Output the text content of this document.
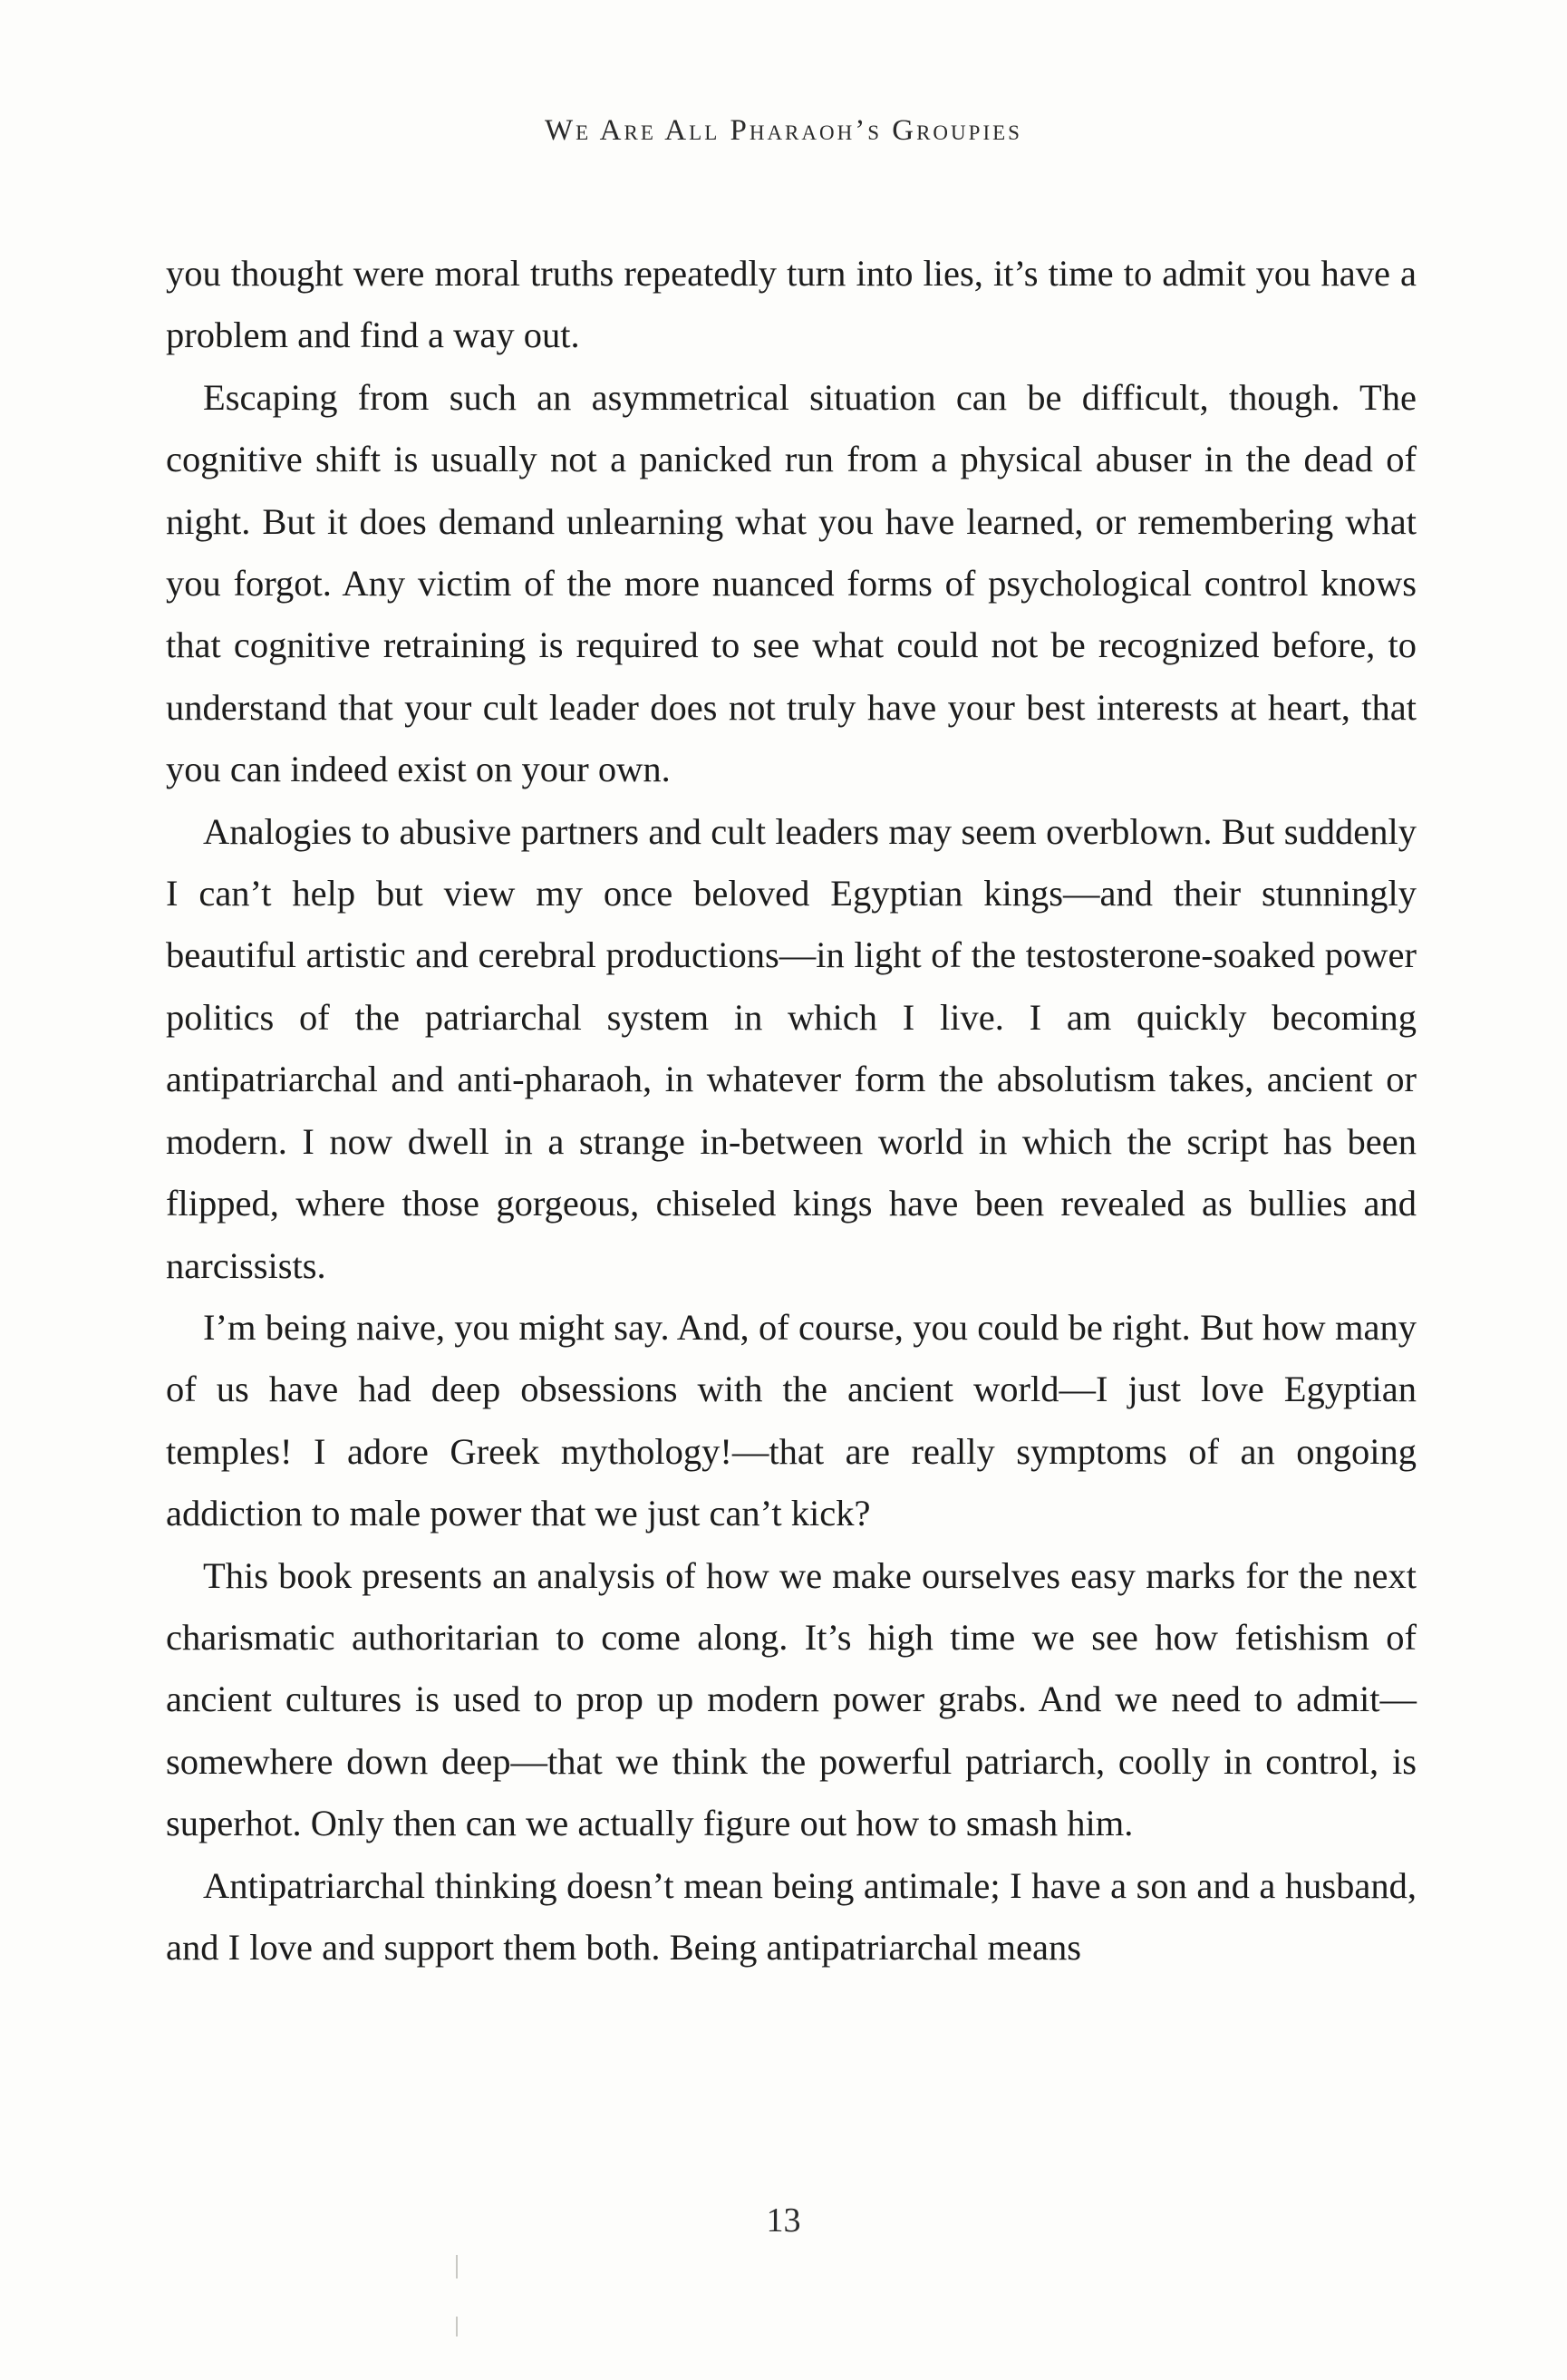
We Are All Pharaoh’s Groupies

you thought were moral truths repeatedly turn into lies, it’s time to admit you have a problem and find a way out.

Escaping from such an asymmetrical situation can be difficult, though. The cognitive shift is usually not a panicked run from a physical abuser in the dead of night. But it does demand unlearning what you have learned, or remembering what you forgot. Any victim of the more nuanced forms of psychological control knows that cognitive retraining is required to see what could not be recognized before, to understand that your cult leader does not truly have your best interests at heart, that you can indeed exist on your own.

Analogies to abusive partners and cult leaders may seem overblown. But suddenly I can’t help but view my once beloved Egyptian kings—and their stunningly beautiful artistic and cerebral productions—in light of the testosterone-soaked power politics of the patriarchal system in which I live. I am quickly becoming antipatriarchal and anti-pharaoh, in whatever form the absolutism takes, ancient or modern. I now dwell in a strange in-between world in which the script has been flipped, where those gorgeous, chiseled kings have been revealed as bullies and narcissists.

I’m being naive, you might say. And, of course, you could be right. But how many of us have had deep obsessions with the ancient world—I just love Egyptian temples! I adore Greek mythology!—that are really symptoms of an ongoing addiction to male power that we just can’t kick?

This book presents an analysis of how we make ourselves easy marks for the next charismatic authoritarian to come along. It’s high time we see how fetishism of ancient cultures is used to prop up modern power grabs. And we need to admit—somewhere down deep—that we think the powerful patriarch, coolly in control, is superhot. Only then can we actually figure out how to smash him.

Antipatriarchal thinking doesn’t mean being antimale; I have a son and a husband, and I love and support them both. Being antipatriarchal means

13
